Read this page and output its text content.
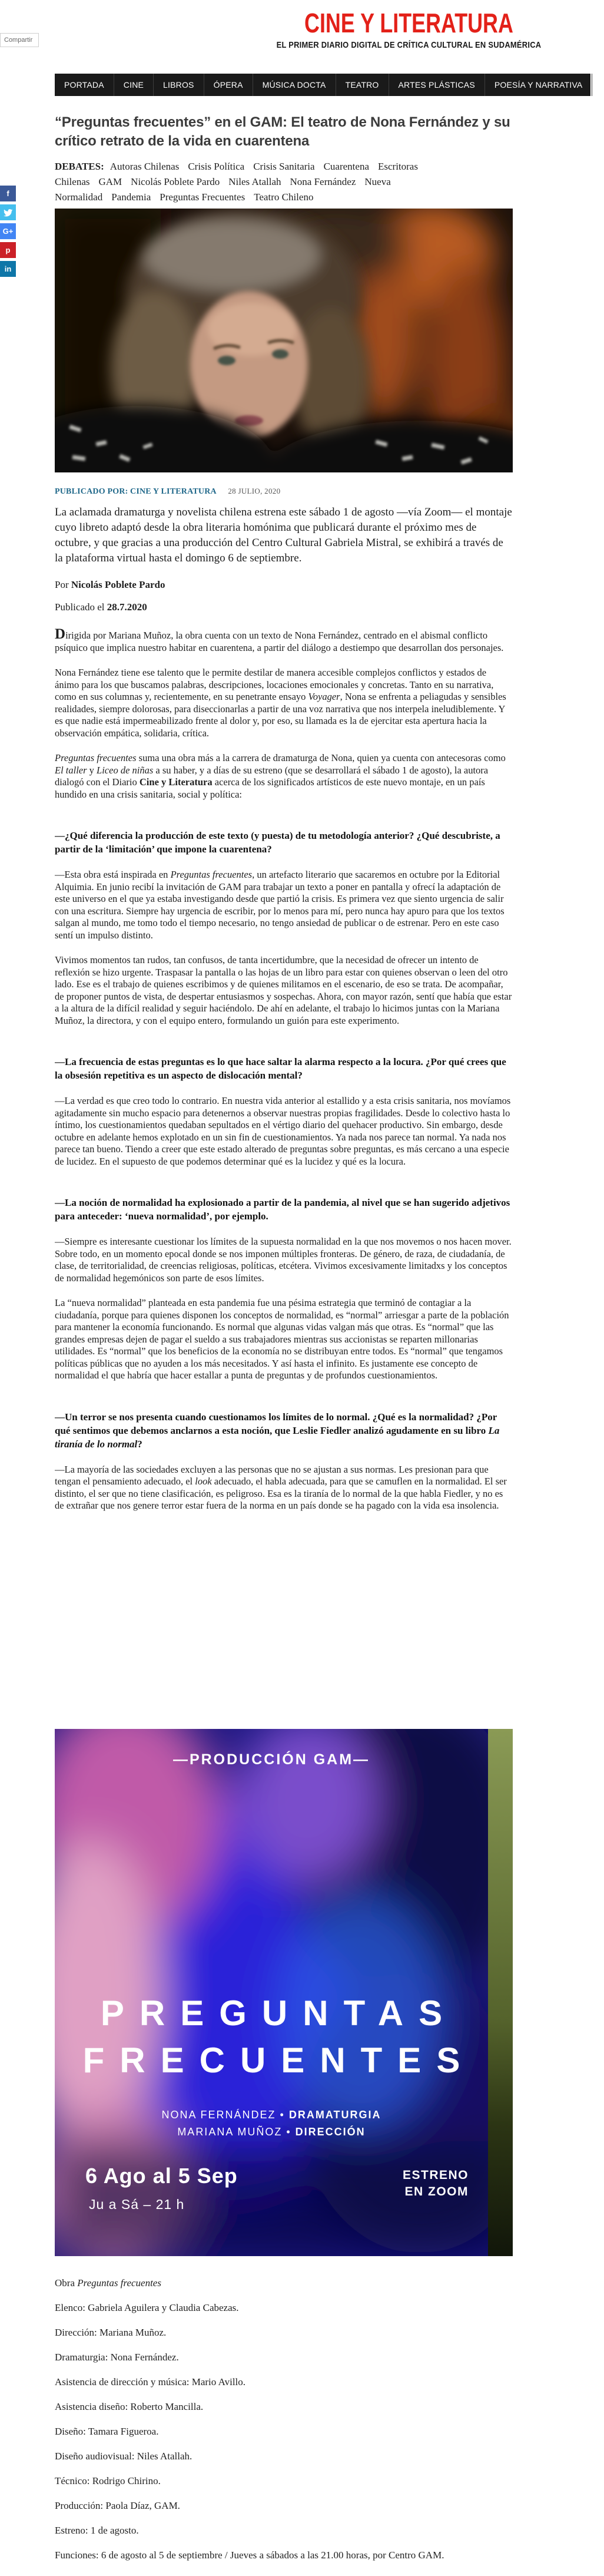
Compartir
f
G+
p
in
CINE Y LITERATURA
EL PRIMER DIARIO DIGITAL DE CRÍTICA CULTURAL EN SUDAMÉRICA
PORTADA	CINE	LIBROS	ÓPERA	MÚSICA DOCTA	TEATRO	ARTES PLÁSTICAS	POESÍA Y NARRATIVA
“Preguntas frecuentes” en el GAM: El teatro de Nona Fernández y su crítico retrato de la vida en cuarentena
DEBATES: Autoras Chilenas Crisis Política Crisis Sanitaria Cuarentena Escritoras Chilenas GAM Nicolás Poblete Pardo Niles Atallah Nona Fernández Nueva Normalidad Pandemia Preguntas Frecuentes Teatro Chileno
PUBLICADO POR: CINE Y LITERATURA 28 JULIO, 2020
La aclamada dramaturga y novelista chilena estrena este sábado 1 de agosto —vía Zoom— el montaje cuyo libreto adaptó desde la obra literaria homónima que publicará durante el próximo mes de octubre, y que gracias a una producción del Centro Cultural Gabriela Mistral, se exhibirá a través de la plataforma virtual hasta el domingo 6 de septiembre.
Por Nicolás Poblete Pardo
Publicado el 28.7.2020

Dirigida por Mariana Muñoz, la obra cuenta con un texto de Nona Fernández, centrado en el abismal conflicto psíquico que implica nuestro habitar en cuarentena, a partir del diálogo a destiempo que desarrollan dos personajes.

Nona Fernández tiene ese talento que le permite destilar de manera accesible complejos conflictos y estados de ánimo para los que buscamos palabras, descripciones, locaciones emocionales y concretas. Tanto en su narrativa, como en sus columnas y, recientemente, en su penetrante ensayo Voyager, Nona se enfrenta a peliagudas y sensibles realidades, siempre dolorosas, para diseccionarlas a partir de una voz narrativa que nos interpela ineludiblemente. Y es que nadie está impermeabilizado frente al dolor y, por eso, su llamada es la de ejercitar esta apertura hacia la observación empática, solidaria, crítica.

Preguntas frecuentes suma una obra más a la carrera de dramaturga de Nona, quien ya cuenta con antecesoras como El taller y Liceo de niñas a su haber, y a días de su estreno (que se desarrollará el sábado 1 de agosto), la autora dialogó con el Diario Cine y Literatura acerca de los significados artísticos de este nuevo montaje, en un país hundido en una crisis sanitaria, social y política:

—¿Qué diferencia la producción de este texto (y puesta) de tu metodología anterior? ¿Qué descubriste, a partir de la ‘limitación’ que impone la cuarentena?

—Esta obra está inspirada en Preguntas frecuentes, un artefacto literario que sacaremos en octubre por la Editorial Alquimia. En junio recibí la invitación de GAM para trabajar un texto a poner en pantalla y ofrecí la adaptación de este universo en el que ya estaba investigando desde que partió la crisis. Es primera vez que siento urgencia de salir con una escritura. Siempre hay urgencia de escribir, por lo menos para mí, pero nunca hay apuro para que los textos salgan al mundo, me tomo todo el tiempo necesario, no tengo ansiedad de publicar o de estrenar. Pero en este caso sentí un impulso distinto.

Vivimos momentos tan rudos, tan confusos, de tanta incertidumbre, que la necesidad de ofrecer un intento de reflexión se hizo urgente. Traspasar la pantalla o las hojas de un libro para estar con quienes observan o leen del otro lado. Ese es el trabajo de quienes escribimos y de quienes militamos en el escenario, de eso se trata. De acompañar, de proponer puntos de vista, de despertar entusiasmos y sospechas. Ahora, con mayor razón, sentí que había que estar a la altura de la difícil realidad y seguir haciéndolo. De ahí en adelante, el trabajo lo hicimos juntas con la Mariana Muñoz, la directora, y con el equipo entero, formulando un guión para este experimento.

—La frecuencia de estas preguntas es lo que hace saltar la alarma respecto a la locura. ¿Por qué crees que la obsesión repetitiva es un aspecto de dislocación mental?

—La verdad es que creo todo lo contrario. En nuestra vida anterior al estallido y a esta crisis sanitaria, nos movíamos agitadamente sin mucho espacio para detenernos a observar nuestras propias fragilidades. Desde lo colectivo hasta lo íntimo, los cuestionamientos quedaban sepultados en el vértigo diario del quehacer productivo. Sin embargo, desde octubre en adelante hemos explotado en un sin fin de cuestionamientos. Ya nada nos parece tan normal. Ya nada nos parece tan bueno. Tiendo a creer que este estado alterado de preguntas sobre preguntas, es más cercano a una especie de lucidez. En el supuesto de que podemos determinar qué es la lucidez y qué es la locura.

—La noción de normalidad ha explosionado a partir de la pandemia, al nivel que se han sugerido adjetivos para anteceder: ‘nueva normalidad’, por ejemplo.

—Siempre es interesante cuestionar los límites de la supuesta normalidad en la que nos movemos o nos hacen mover. Sobre todo, en un momento epocal donde se nos imponen múltiples fronteras. De género, de raza, de ciudadanía, de clase, de territorialidad, de creencias religiosas, políticas, etcétera. Vivimos excesivamente limitadxs y los conceptos de normalidad hegemónicos son parte de esos límites.

La “nueva normalidad” planteada en esta pandemia fue una pésima estrategia que terminó de contagiar a la ciudadanía, porque para quienes disponen los conceptos de normalidad, es “normal” arriesgar a parte de la población para mantener la economía funcionando. Es normal que algunas vidas valgan más que otras. Es “normal” que las grandes empresas dejen de pagar el sueldo a sus trabajadores mientras sus accionistas se reparten millonarias utilidades. Es “normal” que los beneficios de la economía no se distribuyan entre todos. Es “normal” que tengamos políticas públicas que no ayuden a los más necesitados. Y así hasta el infinito. Es justamente ese concepto de normalidad el que habría que hacer estallar a punta de preguntas y de profundos cuestionamientos.

—Un terror se nos presenta cuando cuestionamos los límites de lo normal. ¿Qué es la normalidad? ¿Por qué sentimos que debemos anclarnos a esta noción, que Leslie Fiedler analizó agudamente en su libro La tiranía de lo normal?

—La mayoría de las sociedades excluyen a las personas que no se ajustan a sus normas. Les presionan para que tengan el pensamiento adecuado, el look adecuado, el habla adecuada, para que se camuflen en la normalidad. El ser distinto, el ser que no tiene clasificación, es peligroso. Esa es la tiranía de lo normal de la que habla Fiedler, y no es de extrañar que nos genere terror estar fuera de la norma en un país donde se ha pagado con la vida esa insolencia.

—PRODUCCIÓN GAM—
PREGUNTAS
FRECUENTES
NONA FERNÁNDEZ • DRAMATURGIA
MARIANA MUÑOZ • DIRECCIÓN
6 Ago al 5 Sep
Ju a Sá – 21 h
ESTRENO
EN ZOOM

Obra Preguntas frecuentes

Elenco: Gabriela Aguilera y Claudia Cabezas.

Dirección: Mariana Muñoz.

Dramaturgia: Nona Fernández.

Asistencia de dirección y música: Mario Avillo.

Asistencia diseño: Roberto Mancilla.

Diseño: Tamara Figueroa.

Diseño audiovisual: Niles Atallah.

Técnico: Rodrigo Chirino.

Producción: Paola Díaz, GAM.

Estreno: 1 de agosto.

Funciones: 6 de agosto al 5 de septiembre / Jueves a sábados a las 21.00 horas, por Centro GAM.
